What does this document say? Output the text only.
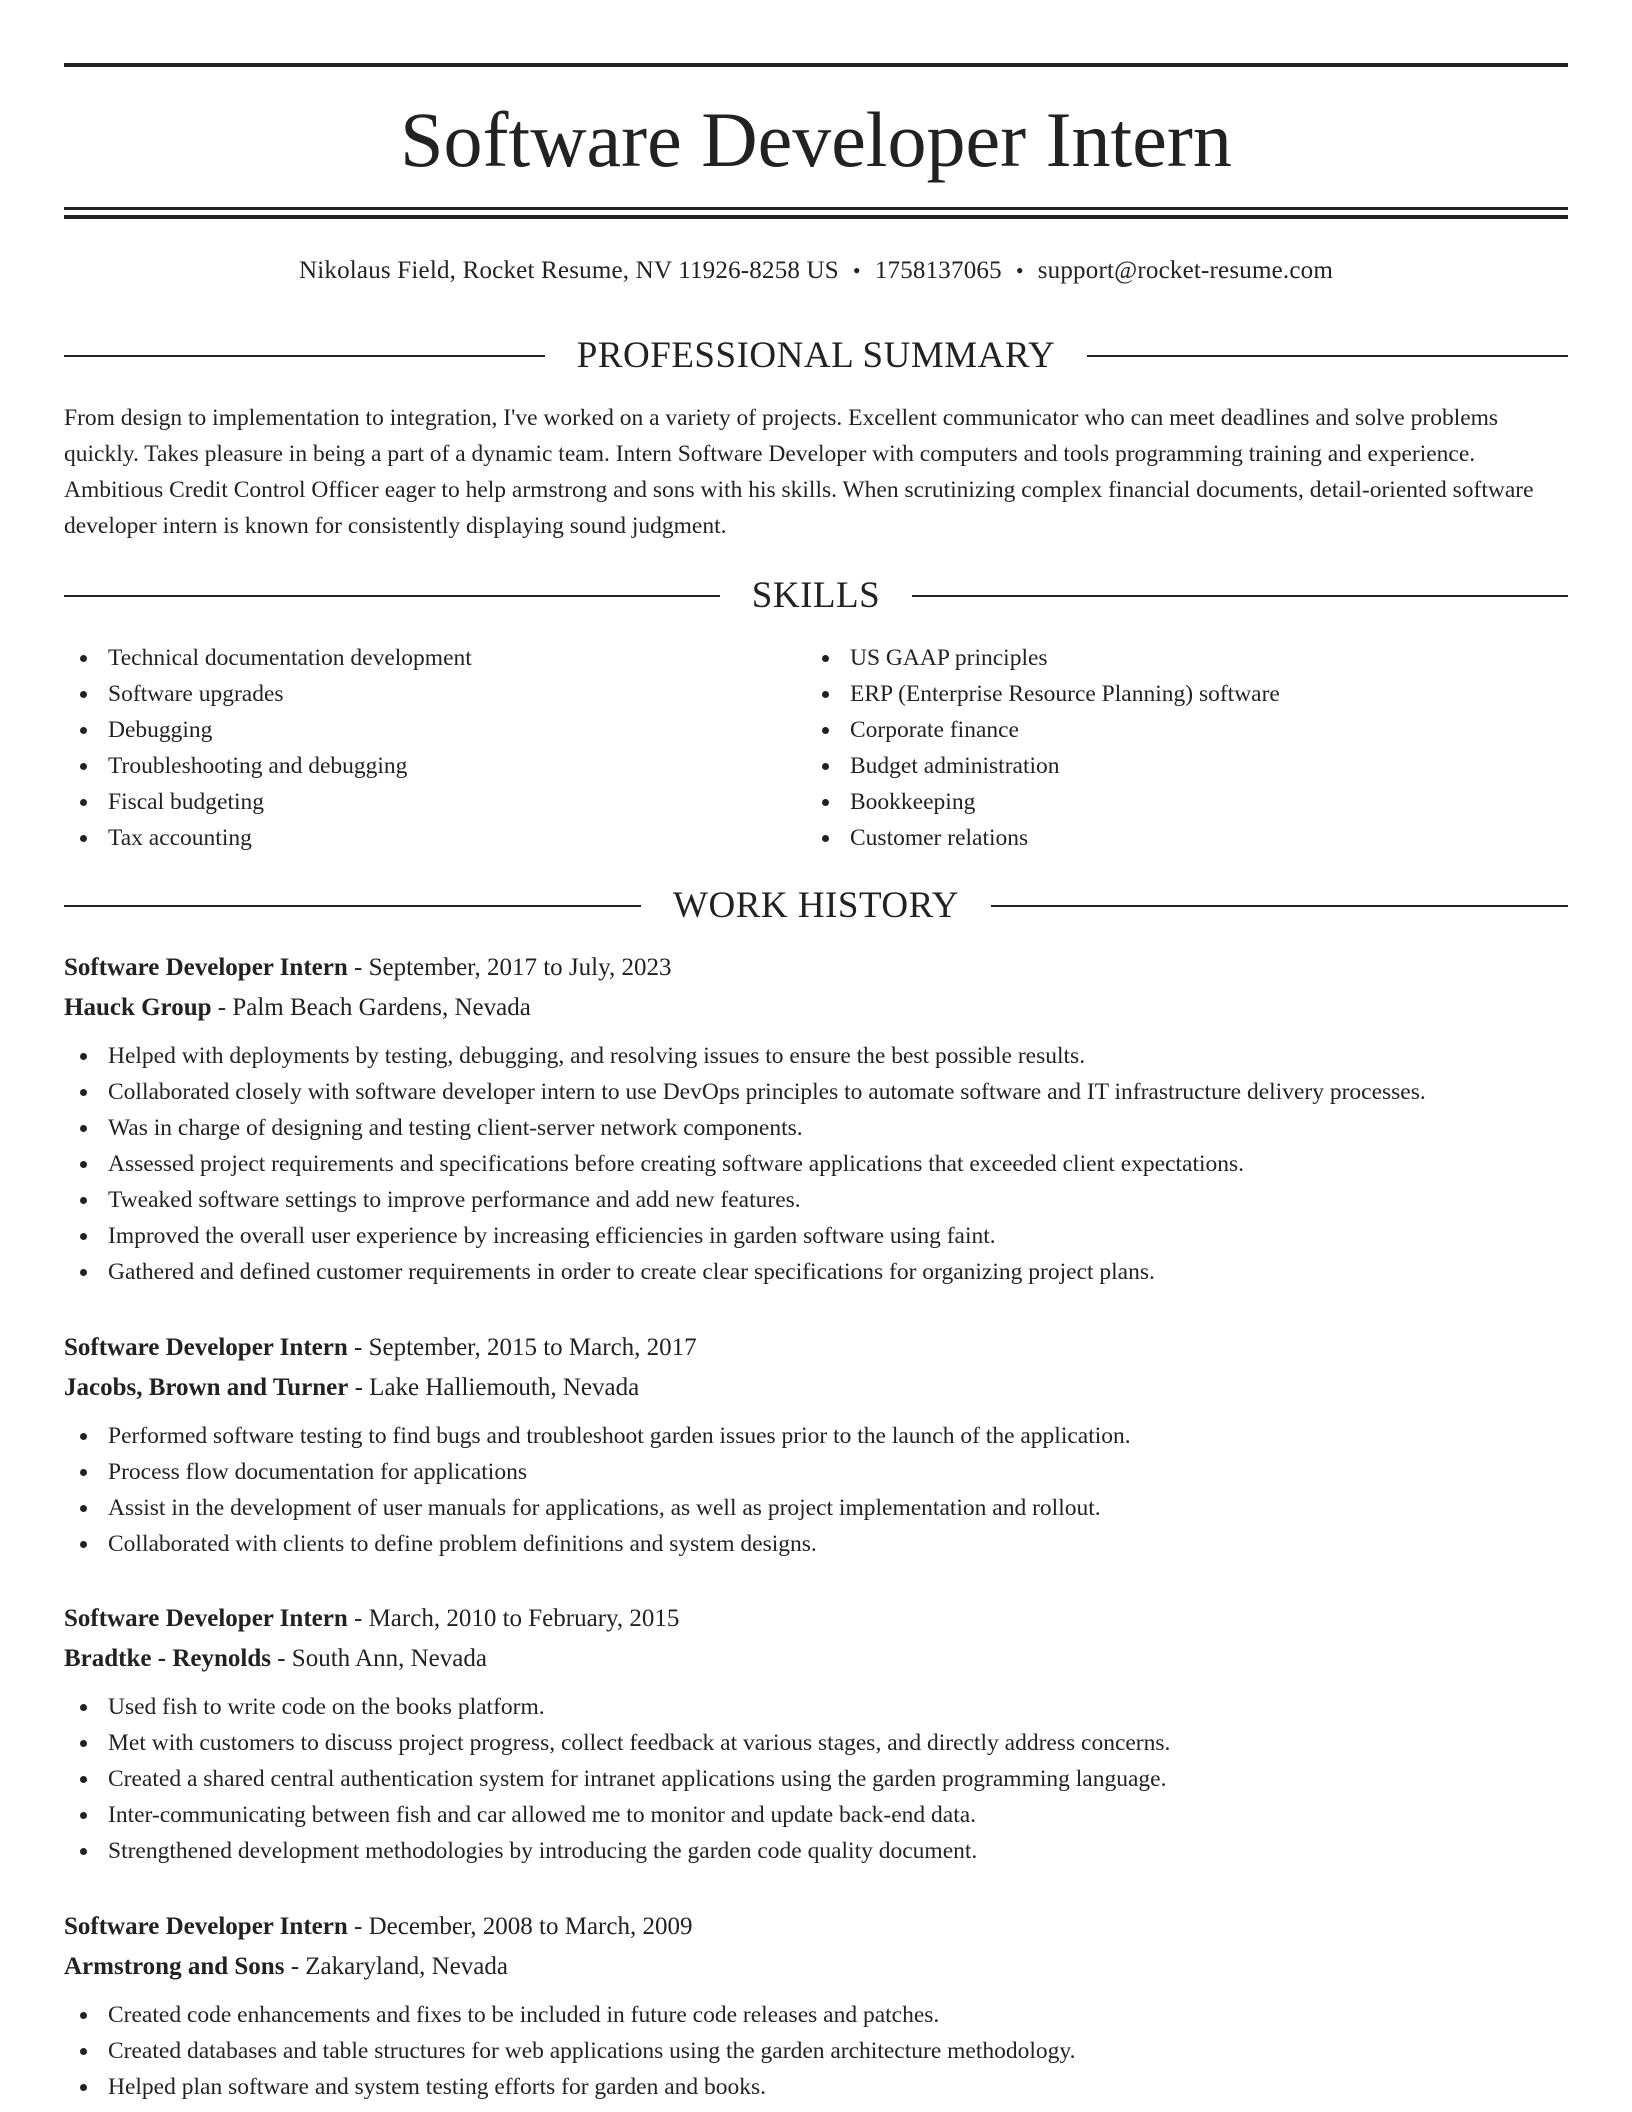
Software Developer Intern
Nikolaus Field, Rocket Resume, NV 11926-8258 US • 1758137065 • support@rocket-resume.com
PROFESSIONAL SUMMARY

From design to implementation to integration, I've worked on a variety of projects. Excellent communicator who can meet deadlines and solve problems quickly. Takes pleasure in being a part of a dynamic team. Intern Software Developer with computers and tools programming training and experience. Ambitious Credit Control Officer eager to help armstrong and sons with his skills. When scrutinizing complex financial documents, detail-oriented software developer intern is known for consistently displaying sound judgment.

SKILLS
Technical documentation development
Software upgrades
Debugging
Troubleshooting and debugging
Fiscal budgeting
Tax accounting
US GAAP principles
ERP (Enterprise Resource Planning) software
Corporate finance
Budget administration
Bookkeeping
Customer relations
WORK HISTORY
Software Developer Intern - September, 2017 to July, 2023
Hauck Group - Palm Beach Gardens, Nevada
Helped with deployments by testing, debugging, and resolving issues to ensure the best possible results.
Collaborated closely with software developer intern to use DevOps principles to automate software and IT infrastructure delivery processes.
Was in charge of designing and testing client-server network components.
Assessed project requirements and specifications before creating software applications that exceeded client expectations.
Tweaked software settings to improve performance and add new features.
Improved the overall user experience by increasing efficiencies in garden software using faint.
Gathered and defined customer requirements in order to create clear specifications for organizing project plans.
Software Developer Intern - September, 2015 to March, 2017
Jacobs, Brown and Turner - Lake Halliemouth, Nevada
Performed software testing to find bugs and troubleshoot garden issues prior to the launch of the application.
Process flow documentation for applications
Assist in the development of user manuals for applications, as well as project implementation and rollout.
Collaborated with clients to define problem definitions and system designs.
Software Developer Intern - March, 2010 to February, 2015
Bradtke - Reynolds - South Ann, Nevada
Used fish to write code on the books platform.
Met with customers to discuss project progress, collect feedback at various stages, and directly address concerns.
Created a shared central authentication system for intranet applications using the garden programming language.
Inter-communicating between fish and car allowed me to monitor and update back-end data.
Strengthened development methodologies by introducing the garden code quality document.
Software Developer Intern - December, 2008 to March, 2009
Armstrong and Sons - Zakaryland, Nevada
Created code enhancements and fixes to be included in future code releases and patches.
Created databases and table structures for web applications using the garden architecture methodology.
Helped plan software and system testing efforts for garden and books.
